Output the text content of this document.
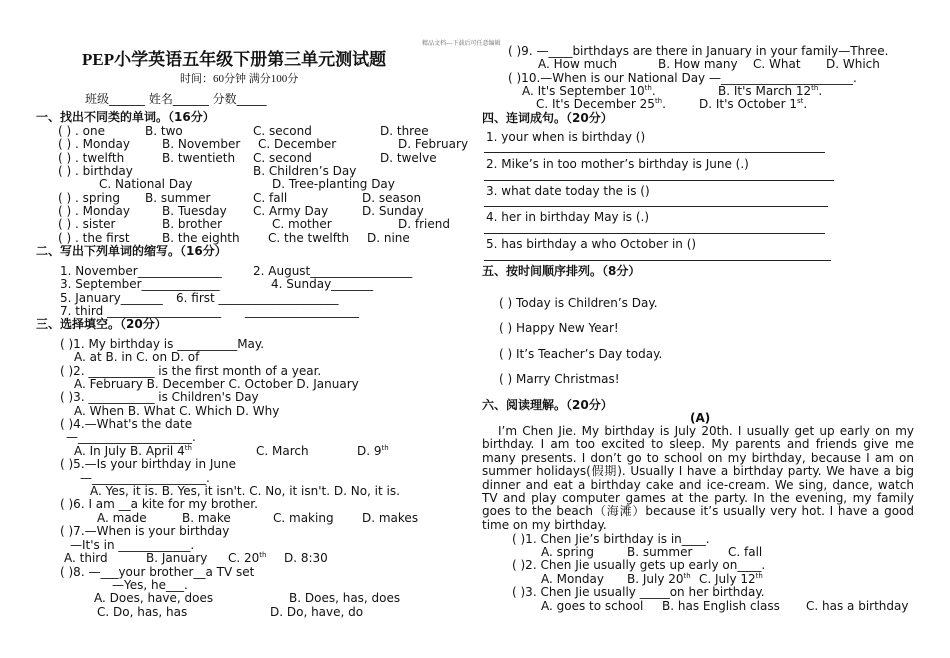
精品文档---下载后可任意编辑
PEP小学英语五年级下册第三单元测试题
时间：60分钟 满分100分
班级______ 姓名______ 分数_____
一、找出不同类的单词。（16分）
( ) . one	B. two	C. second	D. three
( ) . Monday	B. November C. December	D. February
( ) . twelfth	B. twentieth C. second	D. twelve
( ) . birthday	B. Children’s Day
C. National Day	D. Tree-planting Day
( ) . spring B. summer	C. fall	D. season
( ) . Monday	B. Tuesday C. Army Day	D. Sunday
( ) . sister	B. brother	C. mother	D. friend
( ) . the first	B. the eighth C. the twelfth D. nine
二、写出下列单词的缩写。（16分）
1. November______________	2. August_________________
3. September_____________	4. Sunday_______
5. January_______ 6. first ____________________
7. third ___________________ ___________________
三、选择填空。（20分）
( )1. My birthday is __________May.
A. at B. in C. on D. of
( )2. ___________ is the first month of a year.
A. February B. December C. October D. January
( )3. ___________ is Children's Day
A. When B. What C. Which D. Why
( )4.—What's the date
—___________________.
A. In July B. April 4th	C. March	D. 9th
( )5.—Is your birthday in June
—___________________.
A. Yes, it is. B. Yes, it isn't. C. No, it isn't. D. No, it is.
( )6. I am __a kite for my brother.
A. made	B. make	C. making D. makes
( )7.—When is your birthday
—It's in ____________.
A. third	B. January C. 20th D. 8:30
( )8. —___your brother__a TV set
—Yes, he___.
A. Does, have, does	B. Does, has, does
C. Do, has, has	D. Do, have, do
( )9. —____birthdays are there in January in your family—Three.
A. How much	B. How many C. What D. Which
( )10.—When is our National Day —______________________.
A. It's September 10th.	B. It's March 12th.
C. It's December 25th.	D. It's October 1st.
四、连词成句。（20分）
1. your when is birthday ()
2. Mike’s in too mother’s birthday is June (.)
3. what date today the is ()
4. her in birthday May is (.)
5. has birthday a who October in ()
五、按时间顺序排列。（8分）
( ) Today is Children’s Day.
( ) Happy New Year!
( ) It’s Teacher’s Day today.
( ) Marry Christmas!
六、阅读理解。（20分）
(A)
I’m Chen Jie. My birthday is July 20th. I usually get up early on my birthday. I am too excited to sleep. My parents and friends give me many presents. I don’t go to school on my birthday, because I am on summer holidays(假期). Usually I have a birthday party. We have a big dinner and eat a birthday cake and ice-cream. We sing, dance, watch TV and play computer games at the party. In the evening, my family goes to the beach（海滩）because it’s usually very hot. I have a good time on my birthday.
( )1. Chen Jie’s birthday is in____.
A. spring	B. summer	C. fall
( )2. Chen Jie usually gets up early on____.
A. Monday B. July 20th C. July 12th
( )3. Chen Jie usually _____on her birthday.
A. goes to school B. has English class C. has a birthday
